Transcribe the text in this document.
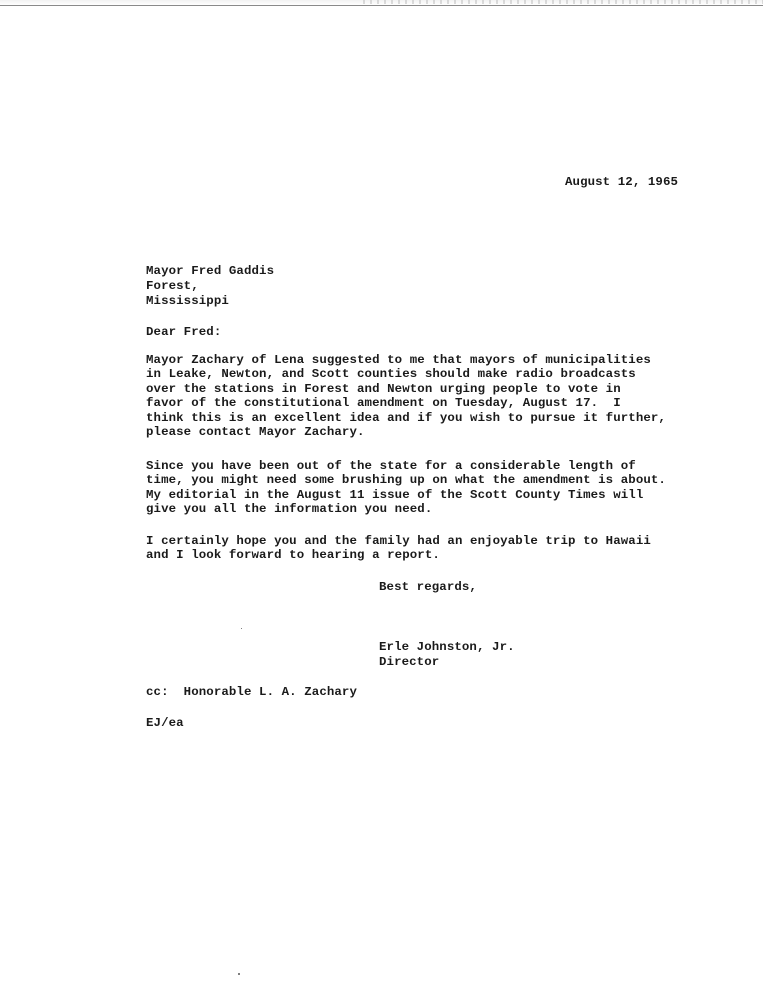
August 12, 1965
Mayor Fred Gaddis
Forest,
Mississippi
Dear Fred:
Mayor Zachary of Lena suggested to me that mayors of municipalities
in Leake, Newton, and Scott counties should make radio broadcasts
over the stations in Forest and Newton urging people to vote in
favor of the constitutional amendment on Tuesday, August 17.  I
think this is an excellent idea and if you wish to pursue it further,
please contact Mayor Zachary.
Since you have been out of the state for a considerable length of
time, you might need some brushing up on what the amendment is about.
My editorial in the August 11 issue of the Scott County Times will
give you all the information you need.
I certainly hope you and the family had an enjoyable trip to Hawaii
and I look forward to hearing a report.
Best regards,
Erle Johnston, Jr.
Director
cc:  Honorable L. A. Zachary
EJ/ea
